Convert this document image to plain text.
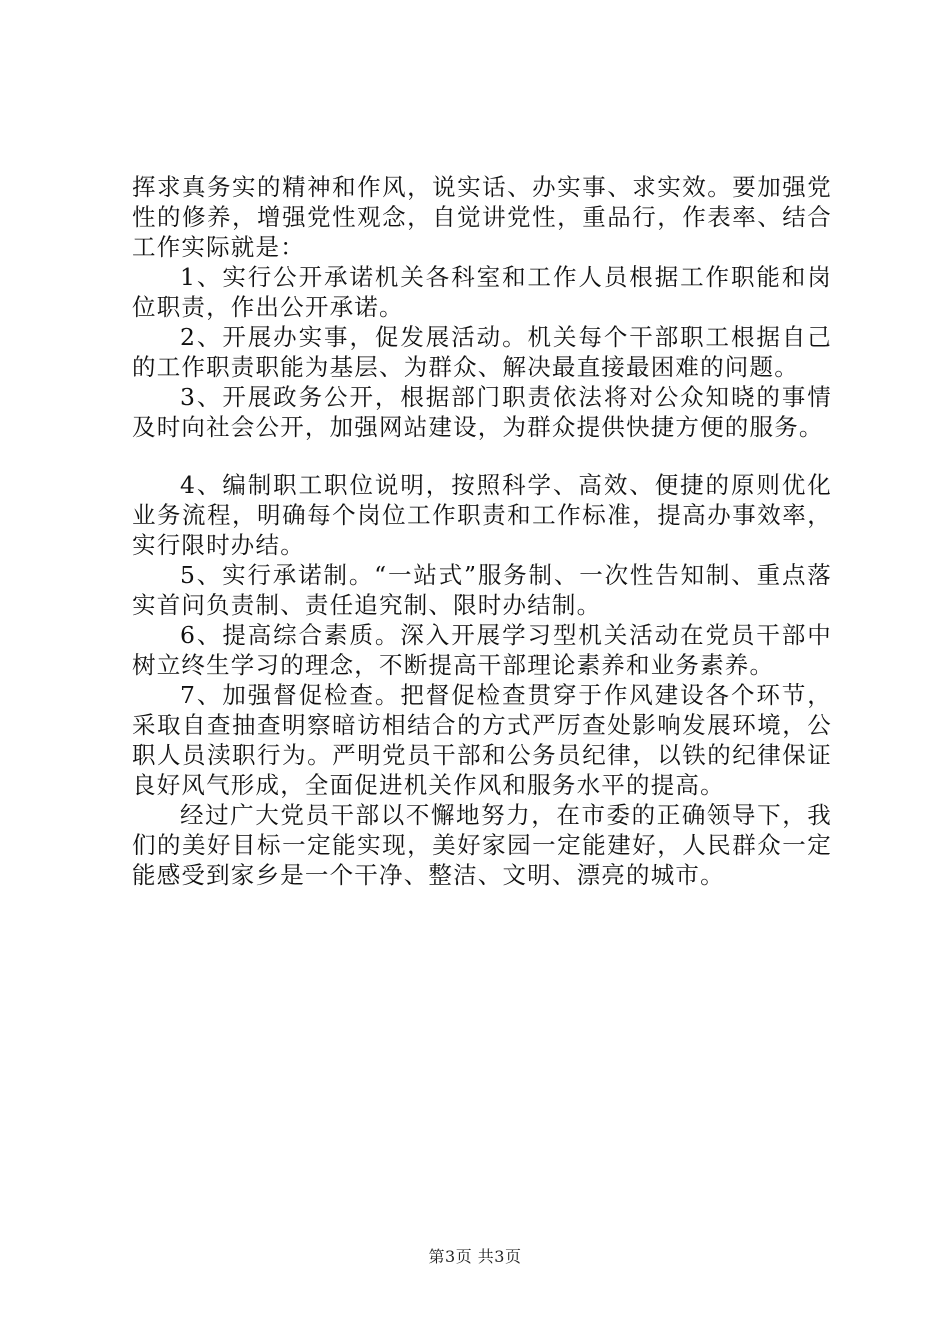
挥求真务实的精神和作风，说实话、办实事、求实效。要加强党性的修养，增强党性观念，自觉讲党性，重品行，作表率、结合工作实际就是：

1、实行公开承诺机关各科室和工作人员根据工作职能和岗位职责，作出公开承诺。

2、开展办实事，促发展活动。机关每个干部职工根据自己的工作职责职能为基层、为群众、解决最直接最困难的问题。

3、开展政务公开，根据部门职责依法将对公众知晓的事情及时向社会公开，加强网站建设，为群众提供快捷方便的服务。

4、编制职工职位说明，按照科学、高效、便捷的原则优化业务流程，明确每个岗位工作职责和工作标准，提高办事效率，实行限时办结。

5、实行承诺制。“一站式”服务制、一次性告知制、重点落实首问负责制、责任追究制、限时办结制。

6、提高综合素质。深入开展学习型机关活动在党员干部中树立终生学习的理念，不断提高干部理论素养和业务素养。

7、加强督促检查。把督促检查贯穿于作风建设各个环节，采取自查抽查明察暗访相结合的方式严厉查处影响发展环境，公职人员渎职行为。严明党员干部和公务员纪律，以铁的纪律保证良好风气形成，全面促进机关作风和服务水平的提高。

经过广大党员干部以不懈地努力，在市委的正确领导下，我们的美好目标一定能实现，美好家园一定能建好，人民群众一定能感受到家乡是一个干净、整洁、文明、漂亮的城市。

第3页 共3页
